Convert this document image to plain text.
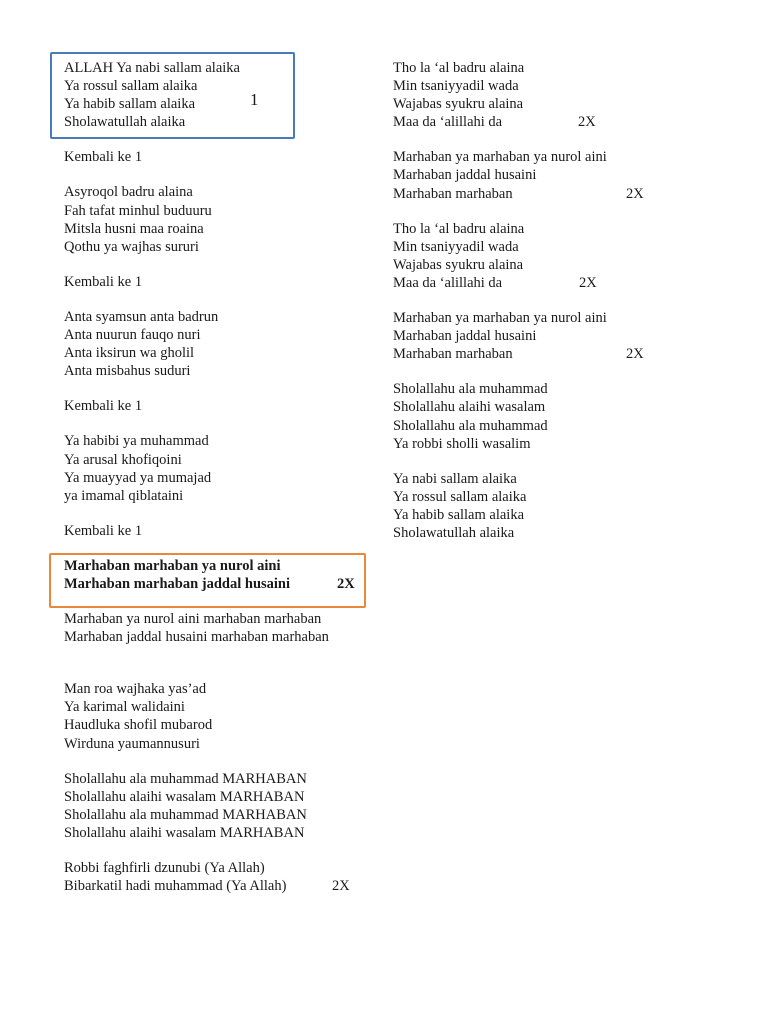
ALLAH Ya nabi sallam alaika
Ya rossul sallam alaika
Ya habib sallam alaika	1
Sholawatullah alaika
Kembali ke 1
Asyroqol badru alaina
Fah tafat minhul buduuru
Mitsla husni maa roaina
Qothu ya wajhas sururi
Kembali ke 1
Anta syamsun anta badrun
Anta nuurun fauqo nuri
Anta iksirun wa gholil
Anta misbahus suduri
Kembali ke 1
Ya habibi ya muhammad
Ya arusal khofiqoini
Ya muayyad ya mumajad
ya imamal qiblataini
Kembali ke 1
Marhaban marhaban ya nurol aini
Marhaban marhaban jaddal husaini	2X
Marhaban ya nurol aini marhaban marhaban
Marhaban jaddal husaini marhaban marhaban
Man roa wajhaka yas’ad
Ya karimal walidaini
Haudluka shofil mubarod
Wirduna yaumannusuri
Sholallahu ala muhammad MARHABAN
Sholallahu alaihi wasalam MARHABAN
Sholallahu ala muhammad MARHABAN
Sholallahu alaihi wasalam MARHABAN
Robbi faghfirli dzunubi (Ya Allah)
Bibarkatil hadi muhammad (Ya Allah)	2X
Tho la ‘al badru alaina
Min tsaniyyadil wada
Wajabas syukru alaina
Maa da ‘alillahi da	2X
Marhaban ya marhaban ya nurol aini
Marhaban jaddal husaini
Marhaban marhaban	2X
Tho la ‘al badru alaina
Min tsaniyyadil wada
Wajabas syukru alaina
Maa da ‘alillahi da	2X
Marhaban ya marhaban ya nurol aini
Marhaban jaddal husaini
Marhaban marhaban	2X
Sholallahu ala muhammad
Sholallahu alaihi wasalam
Sholallahu ala muhammad
Ya robbi sholli wasalim
Ya nabi sallam alaika
Ya rossul sallam alaika
Ya habib sallam alaika
Sholawatullah alaika
